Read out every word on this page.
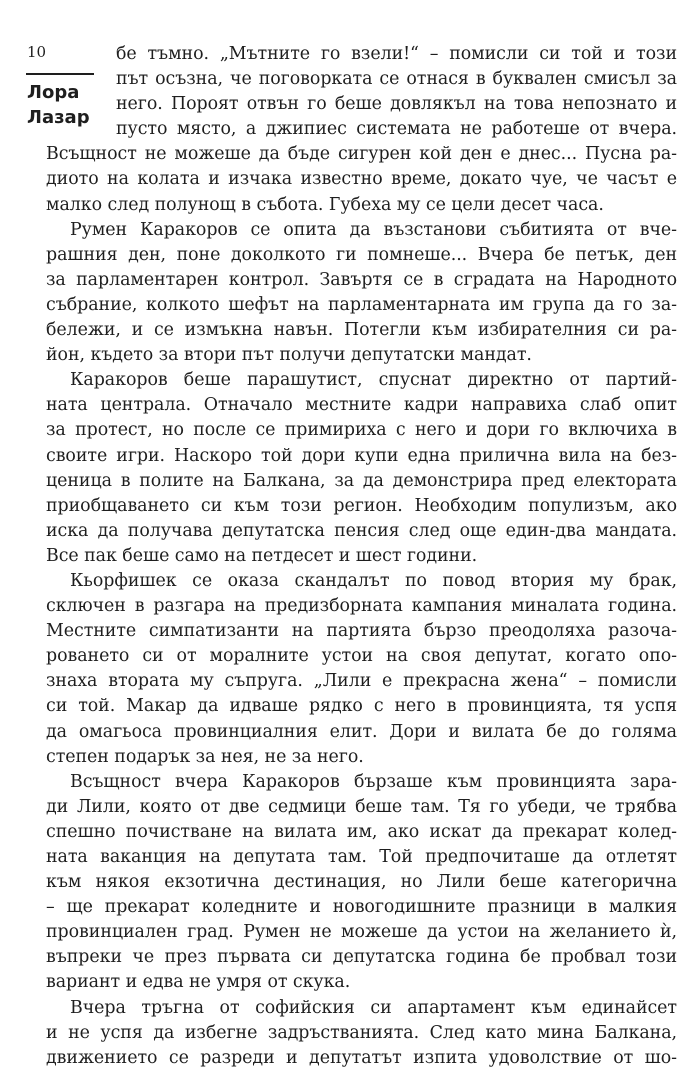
10
Лора
Лазар
бе тъмно. „Мътните го взели!“ – помисли си той и този
път осъзна, че поговорката се отнася в буквален смисъл за
него. Пороят отвън го беше довлякъл на това непознато и
пусто място, а джипиес системата не работеше от вчера.
Всъщност не можеше да бъде сигурен кой ден е днес... Пусна ра-
диото на колата и изчака известно време, докато чуе, че часът е
малко след полунощ в събота. Губеха му се цели десет часа.
Румен Каракоров се опита да възстанови събитията от вче-
рашния ден, поне доколкото ги помнеше... Вчера бе петък, ден
за парламентарен контрол. Завъртя се в сградата на Народното
събрание, колкото шефът на парламентарната им група да го за-
бележи, и се измъкна навън. Потегли към избирателния си ра-
йон, където за втори път получи депутатски мандат.
Каракоров беше парашутист, спуснат директно от партий-
ната централа. Отначало местните кадри направиха слаб опит
за протест, но после се примириха с него и дори го включиха в
своите игри. Наскоро той дори купи една прилична вила на без-
ценица в полите на Балкана, за да демонстрира пред електората
приобщаването си към този регион. Необходим популизъм, ако
иска да получава депутатска пенсия след още един-два мандата.
Все пак беше само на петдесет и шест години.
Кьорфишек се оказа скандалът по повод втория му брак,
сключен в разгара на предизборната кампания миналата година.
Местните симпатизанти на партията бързо преодоляха разоча-
роването си от моралните устои на своя депутат, когато опо-
знаха втората му съпруга. „Лили е прекрасна жена“ – помисли
си той. Макар да идваше рядко с него в провинцията, тя успя
да омагьоса провинциалния елит. Дори и вилата бе до голяма
степен подарък за нея, не за него.
Всъщност вчера Каракоров бързаше към провинцията зара-
ди Лили, която от две седмици беше там. Тя го убеди, че трябва
спешно почистване на вилата им, ако искат да прекарат колед-
ната ваканция на депутата там. Той предпочиташе да отлетят
към някоя екзотична дестинация, но Лили беше категорична
– ще прекарат коледните и новогодишните празници в малкия
провинциален град. Румен не можеше да устои на желанието ѝ,
въпреки че през първата си депутатска година бе пробвал този
вариант и едва не умря от скука.
Вчера тръгна от софийския си апартамент към единайсет
и не успя да избегне задръстванията. След като мина Балкана,
движението се разреди и депутатът изпита удоволствие от шо-
